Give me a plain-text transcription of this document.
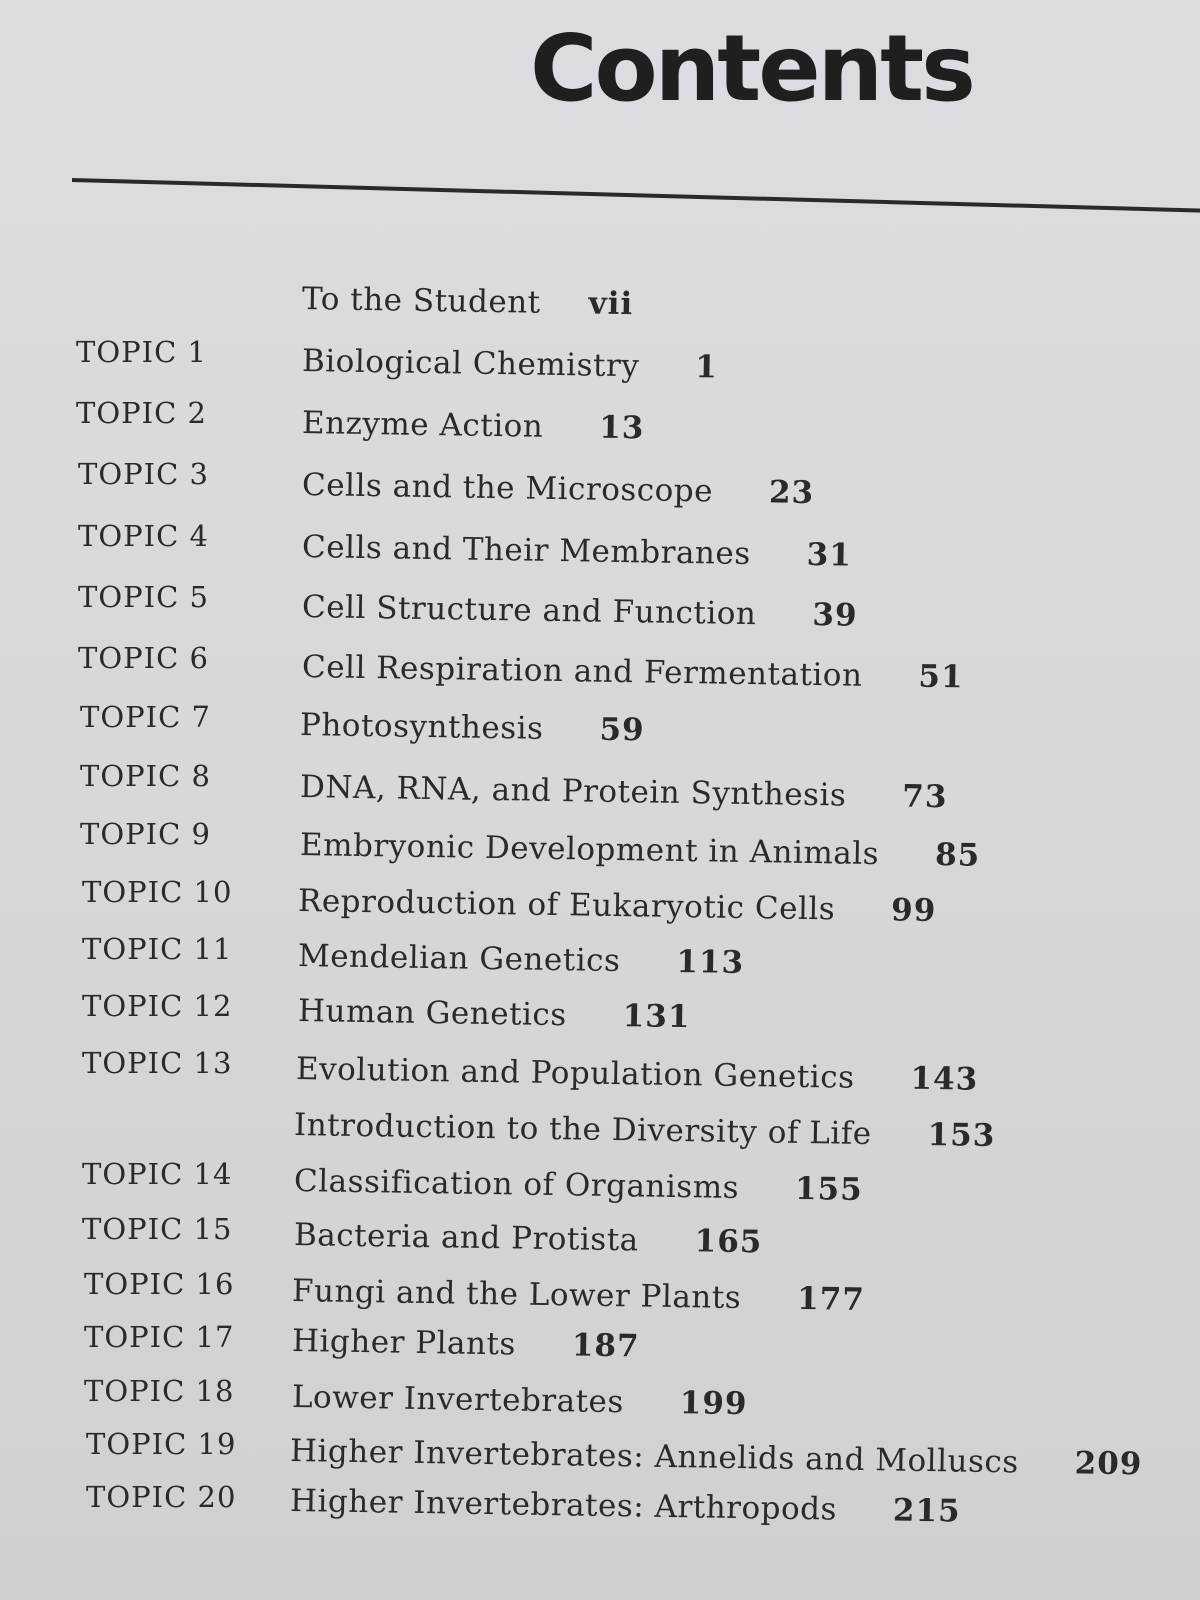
Contents
To the Student vii
TOPIC 1	Biological Chemistry 1
TOPIC 2	Enzyme Action 13
TOPIC 3	Cells and the Microscope 23
TOPIC 4	Cells and Their Membranes 31
TOPIC 5	Cell Structure and Function 39
TOPIC 6	Cell Respiration and Fermentation 51
TOPIC 7	Photosynthesis 59
TOPIC 8	DNA, RNA, and Protein Synthesis 73
TOPIC 9	Embryonic Development in Animals 85
TOPIC 10 Reproduction of Eukaryotic Cells 99
TOPIC 11 Mendelian Genetics 113
TOPIC 12 Human Genetics 131
TOPIC 13 Evolution and Population Genetics 143
Introduction to the Diversity of Life 153
TOPIC 14 Classification of Organisms 155
TOPIC 15 Bacteria and Protista 165
TOPIC 16 Fungi and the Lower Plants 177
TOPIC 17 Higher Plants 187
TOPIC 18 Lower Invertebrates 199
TOPIC 19 Higher Invertebrates: Annelids and Molluscs 209
TOPIC 20 Higher Invertebrates: Arthropods 215
